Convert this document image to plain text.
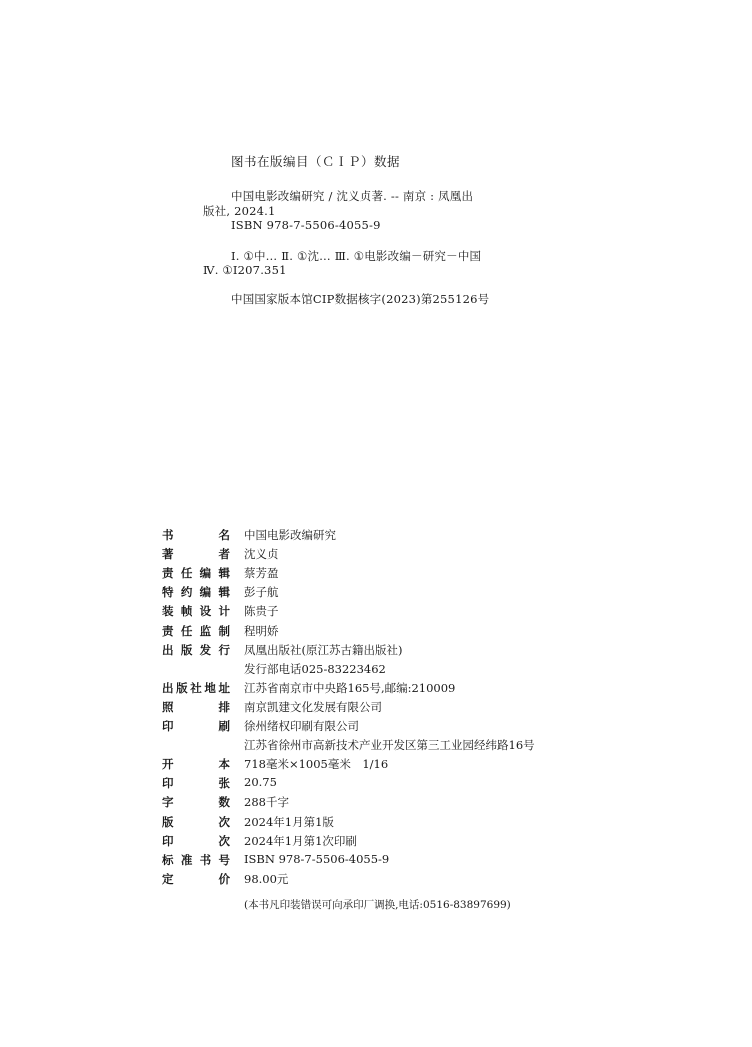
图书在版编目（ＣＩＰ）数据
中国电影改编研究 / 沈义贞著. -- 南京 : 凤凰出
版社, 2024.1
ISBN 978-7-5506-4055-9
Ⅰ. ①中… Ⅱ. ①沈… Ⅲ. ①电影改编－研究－中国
Ⅳ. ①I207.351
中国国家版本馆CIP数据核字(2023)第255126号
书名 中国电影改编研究
著者 沈义贞
责任编辑 蔡芳盈
特约编辑 彭子航
装帧设计 陈贵子
责任监制 程明娇
出版发行 凤凰出版社(原江苏古籍出版社)
发行部电话025-83223462
出版社地址 江苏省南京市中央路165号,邮编:210009
照排 南京凯建文化发展有限公司
印刷 徐州绪权印刷有限公司
江苏省徐州市高新技术产业开发区第三工业园经纬路16号
开本 718毫米×1005毫米　1/16
印张 20.75
字数 288千字
版次 2024年1月第1版
印次 2024年1月第1次印刷
标准书号 ISBN 978-7-5506-4055-9
定价 98.00元
(本书凡印装错误可向承印厂调换,电话:0516-83897699)
